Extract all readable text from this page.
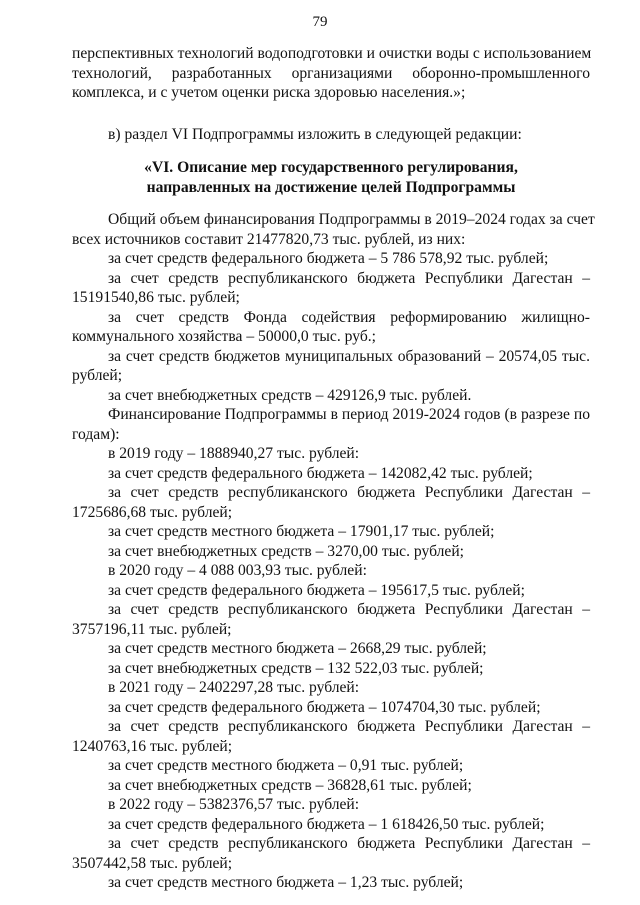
79
перспективных технологий водоподготовки и очистки воды с использованием
технологий, разработанных организациями оборонно-промышленного
комплекса, и с учетом оценки риска здоровью населения.»;
в) раздел VI Подпрограммы изложить в следующей редакции:
«VI. Описание мер государственного регулирования,
направленных на достижение целей Подпрограммы
Общий объем финансирования Подпрограммы в 2019–2024 годах за счет
всех источников составит 21477820,73 тыс. рублей, из них:
за счет средств федерального бюджета – 5 786 578,92 тыс. рублей;
за счет средств республиканского бюджета Республики Дагестан –
15191540,86 тыс. рублей;
за счет средств Фонда содействия реформированию жилищно-
коммунального хозяйства – 50000,0 тыс. руб.;
за счет средств бюджетов муниципальных образований – 20574,05 тыс.
рублей;
за счет внебюджетных средств – 429126,9 тыс. рублей.
Финансирование Подпрограммы в период 2019-2024 годов (в разрезе по
годам):
в 2019 году – 1888940,27 тыс. рублей:
за счет средств федерального бюджета – 142082,42 тыс. рублей;
за счет средств республиканского бюджета Республики Дагестан –
1725686,68 тыс. рублей;
за счет средств местного бюджета – 17901,17 тыс. рублей;
за счет внебюджетных средств – 3270,00 тыс. рублей;
в 2020 году – 4 088 003,93 тыс. рублей:
за счет средств федерального бюджета – 195617,5 тыс. рублей;
за счет средств республиканского бюджета Республики Дагестан –
3757196,11 тыс. рублей;
за счет средств местного бюджета – 2668,29 тыс. рублей;
за счет внебюджетных средств – 132 522,03 тыс. рублей;
в 2021 году – 2402297,28 тыс. рублей:
за счет средств федерального бюджета – 1074704,30 тыс. рублей;
за счет средств республиканского бюджета Республики Дагестан –
1240763,16 тыс. рублей;
за счет средств местного бюджета – 0,91 тыс. рублей;
за счет внебюджетных средств – 36828,61 тыс. рублей;
в 2022 году – 5382376,57 тыс. рублей:
за счет средств федерального бюджета – 1 618426,50 тыс. рублей;
за счет средств республиканского бюджета Республики Дагестан –
3507442,58 тыс. рублей;
за счет средств местного бюджета – 1,23 тыс. рублей;
